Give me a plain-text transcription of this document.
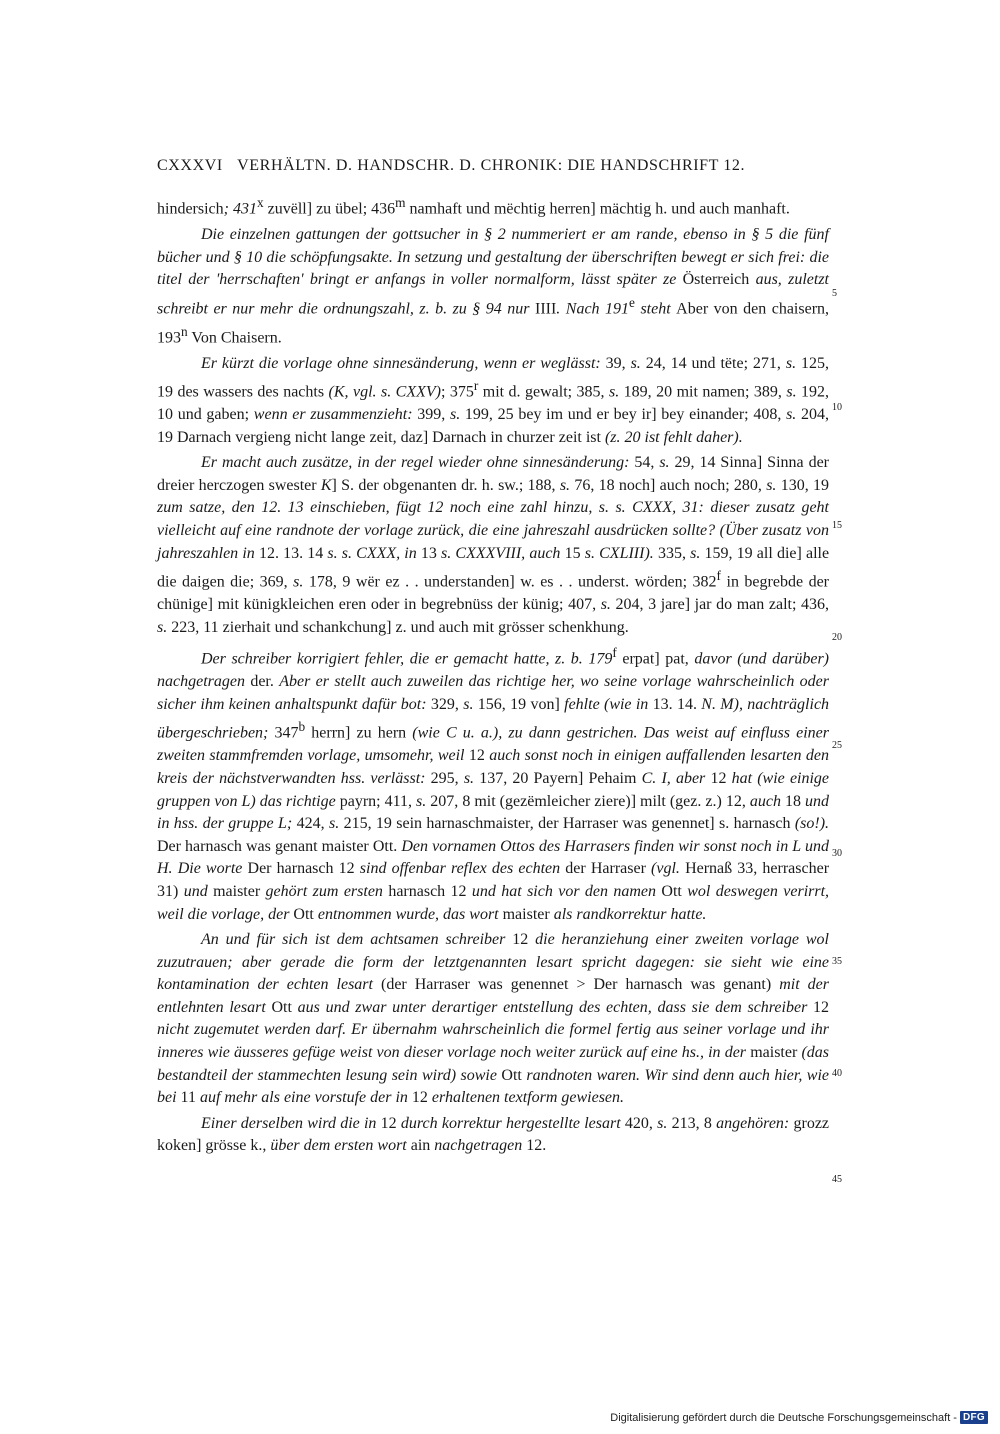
CXXXVI VERHÄLTN. D. HANDSCHR. D. CHRONIK: DIE HANDSCHRIFT 12.

hindersich; 431$^x$ zuvëll] zu übel; 436$^m$ namhaft und mëchtig herren] mächtig h. und auch manhaft.

Die einzelnen gattungen der gottsucher in § 2 nummeriert er am rande, ebenso in § 5 die fünf bücher und § 10 die schöpfungsakte. In setzung und gestaltung der überschriften bewegt er sich frei: die titel der 'herrschaften' bringt er anfangs in voller normalform, lässt später ze Österreich aus, zuletzt schreibt er nur mehr die ordnungszahl, z. b. zu § 94 nur IIII. Nach 191e steht Aber von den chaisern, 193$^n$ Von Chaisern.

Er kürzt die vorlage ohne sinnesänderung, wenn er weglässt: 39, s. 24, 14 und tëte; 271, s. 125, 19 des wassers des nachts (K, vgl. s. CXXV); 375$^r$ mit d. gewalt; 385, s. 189, 20 mit namen; 389, s. 192, 10 und gaben; wenn er zusammenzieht: 399, s. 199, 25 bey im und er bey ir] bey einander; 408, s. 204, 19 Darnach vergieng nicht lange zeit, daz] Darnach in churzer zeit ist (z. 20 ist fehlt daher).

Er macht auch zusätze, in der regel wieder ohne sinnesänderung: 54, s. 29, 14 Sinna] Sinna der dreier herczogen swester K] S. der obgenanten dr. h. sw.; 188, s. 76, 18 noch] auch noch; 280, s. 130, 19 zum satze, den 12. 13 einschieben, fügt 12 noch eine zahl hinzu, s. s. CXXX, 31: dieser zusatz geht vielleicht auf eine randnote der vorlage zurück, die eine jahreszahl ausdrücken sollte? (Über zusatz von jahreszahlen in 12. 13. 14 s. s. CXXX, in 13 s. CXXXVIII, auch 15 s. CXLIII). 335, s. 159, 19 all die] alle die daigen die; 369, s. 178, 9 wër ez . . understanden] w. es . . underst. wörden; 382$^f$ in begrebde der chünige] mit künigkleichen eren oder in begrebnüss der künig; 407, s. 204, 3 jare] jar do man zalt; 436, s. 223, 11 zierhait und schankchung] z. und auch mit grösser schenkhung.

Der schreiber korrigiert fehler, die er gemacht hatte, z. b. 179$^f$ erpat] pat, davor (und darüber) nachgetragen der. Aber er stellt auch zuweilen das richtige her, wo seine vorlage wahrscheinlich oder sicher ihm keinen anhaltspunkt dafür bot: 329, s. 156, 19 von] fehlte (wie in 13. 14. N. M), nachträglich übergeschrieben; 347$^b$ herrn] zu hern (wie C u. a.), zu dann gestrichen. Das weist auf einfluss einer zweiten stammfremden vorlage, umsomehr, weil 12 auch sonst noch in einigen auffallenden lesarten den kreis der nächstverwandten hss. verlässt: 295, s. 137, 20 Payern] Pehaim C. I, aber 12 hat (wie einige gruppen von L) das richtige payrn; 411, s. 207, 8 mit (gezëmleicher ziere)] milt (gez. z.) 12, auch 18 und in hss. der gruppe L; 424, s. 215, 19 sein harnaschmaister, der Harraser was genennet] s. harnasch (so!). Der harnasch was genant maister Ott. Den vornamen Ottos des Harrasers finden wir sonst noch in L und H. Die worte Der harnasch 12 sind offenbar reflex des echten der Harraser (vgl. Hernaß 33, herrascher 31) und maister gehört zum ersten harnasch 12 und hat sich vor den namen Ott wol deswegen verirrt, weil die vorlage, der Ott entnommen wurde, das wort maister als randkorrektur hatte.

An und für sich ist dem achtsamen schreiber 12 die heranziehung einer zweiten vorlage wol zuzutrauen; aber gerade die form der letztgenannten lesart spricht dagegen: sie sieht wie eine kontamination der echten lesart (der Harraser was genennet > Der harnasch was genant) mit der entlehnten lesart Ott aus und zwar unter derartiger entstellung des echten, dass sie dem schreiber 12 nicht zugemutet werden darf. Er übernahm wahrscheinlich die formel fertig aus seiner vorlage und ihr inneres wie äusseres gefüge weist von dieser vorlage noch weiter zurück auf eine hs., in der maister (das bestandteil der stammechten lesung sein wird) sowie Ott randnoten waren. Wir sind denn auch hier, wie bei 11 auf mehr als eine vorstufe der in 12 erhaltenen textform gewiesen.

Einer derselben wird die in 12 durch korrektur hergestellte lesart 420, s. 213, 8 angehören: grozz koken] grösse k., über dem ersten wort ain nachgetragen 12.

5
10
15
20
25
30
35
40
45
Digitalisierung gefördert durch die Deutsche Forschungsgemeinschaft - DFG
